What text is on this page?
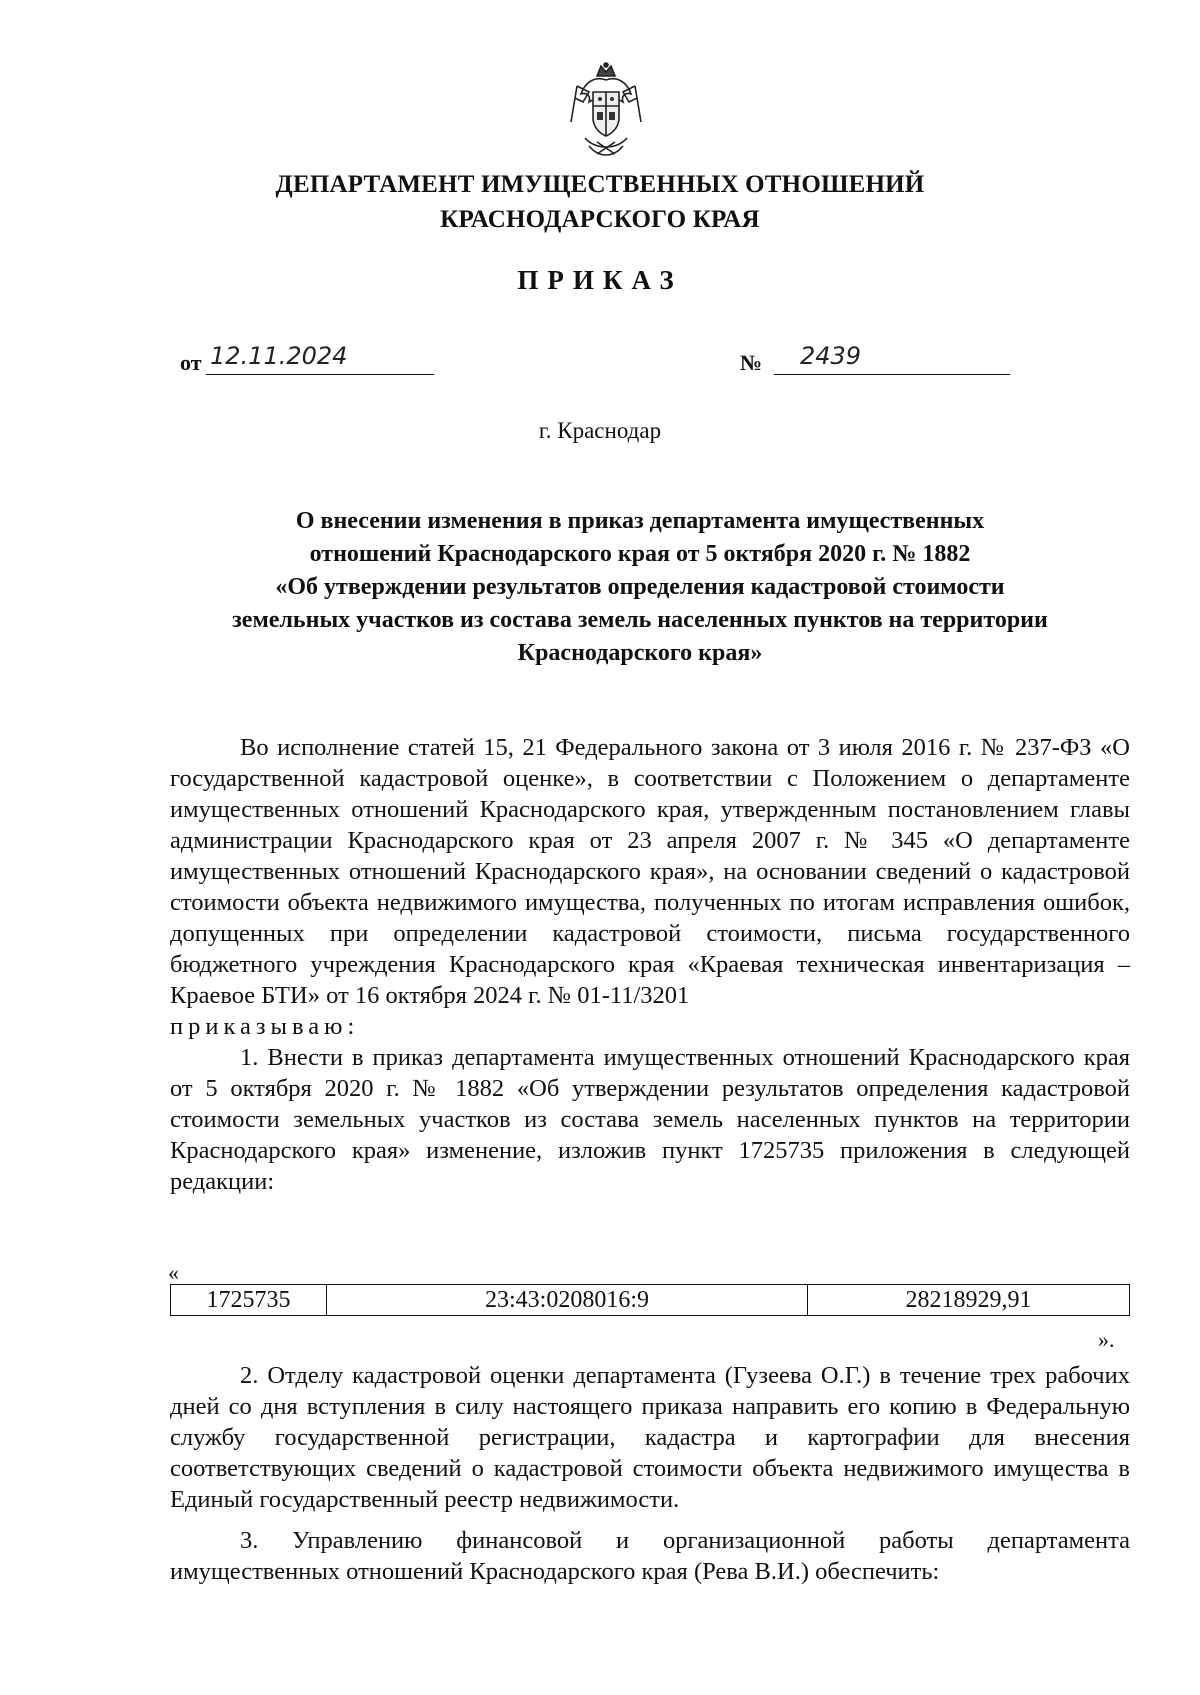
ДЕПАРТАМЕНТ ИМУЩЕСТВЕННЫХ ОТНОШЕНИЙ
КРАСНОДАРСКОГО КРАЯ
ПРИКАЗ
от 12.11.2024	№ 2439
г. Краснодар
О внесении изменения в приказ департамента имущественных
отношений Краснодарского края от 5 октября 2020 г. № 1882
«Об утверждении результатов определения кадастровой стоимости
земельных участков из состава земель населенных пунктов на территории
Краснодарского края»

Во исполнение статей 15, 21 Федерального закона от 3 июля 2016 г. № 237-ФЗ «О государственной кадастровой оценке», в соответствии с Положением о департаменте имущественных отношений Краснодарского края, утвержденным постановлением главы администрации Краснодарского края от 23 апреля 2007 г. № 345 «О департаменте имущественных отношений Краснодарского края», на основании сведений о кадастровой стоимости объекта недвижимого имущества, полученных по итогам исправления ошибок, допущенных при определении кадастровой стоимости, письма государственного бюджетного учреждения Краснодарского края «Краевая техническая инвентаризация – Краевое БТИ» от 16 октября 2024 г. № 01-11/3201

приказываю:

1. Внести в приказ департамента имущественных отношений Краснодарского края от 5 октября 2020 г. № 1882 «Об утверждении результатов определения кадастровой стоимости земельных участков из состава земель населенных пунктов на территории Краснодарского края» изменение, изложив пункт 1725735 приложения в следующей редакции:

«
1725735	23:43:0208016:9	28218929,91
».

2. Отделу кадастровой оценки департамента (Гузеева О.Г.) в течение трех рабочих дней со дня вступления в силу настоящего приказа направить его копию в Федеральную службу государственной регистрации, кадастра и картографии для внесения соответствующих сведений о кадастровой стоимости объекта недвижимого имущества в Единый государственный реестр недвижимости.

3. Управлению финансовой и организационной работы департамента имущественных отношений Краснодарского края (Рева В.И.) обеспечить:
